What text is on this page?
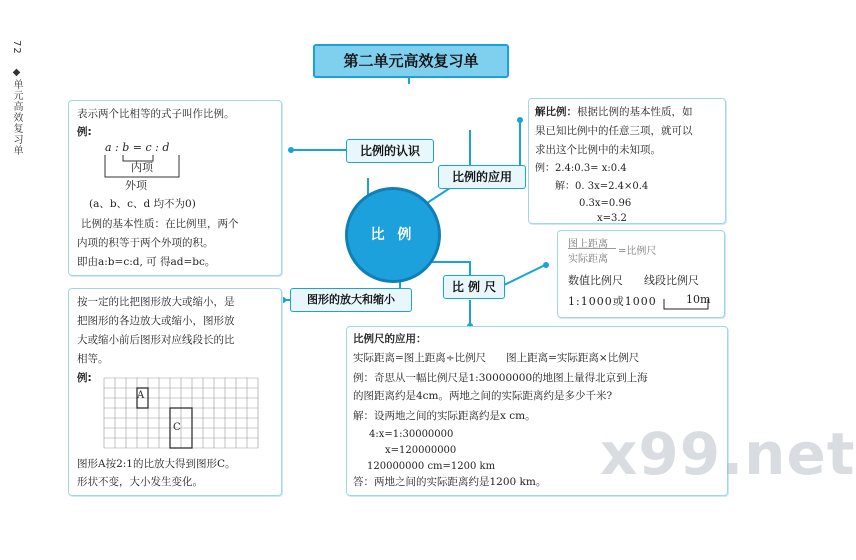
72 ◆单元高效复习单
第二单元高效复习单
比 例
比例的认识
比例的应用
比 例 尺
图形的放大和缩小
表示两个比相等的式子叫作比例。
例:
a : b = c : d
内项
外项
(a、b、c、d 均不为0)
比例的基本性质：在比例里，两个
内项的积等于两个外项的积。
即由a:b=c:d, 可 得ad=bc。
解比例：根据比例的基本性质，如
果已知比例中的任意三项，就可以
求出这个比例中的未知项。
例：2.4:0.3= x:0.4
解：0. 3x=2.4×0.4
0.3x=0.96
x=3.2
图上距离
实际距离
=比例尺
数值比例尺      线段比例尺
1:1000或1000	10m
按一定的比把图形放大或缩小，是
把图形的各边放大或缩小，图形放
大或缩小前后图形对应线段长的比
相等。
例:
图形A按2:1的比放大得到图形C。
形状不变，大小发生变化。
A
C
比例尺的应用：
实际距离=图上距离÷比例尺      图上距离=实际距离×比例尺
例：奇思从一幅比例尺是1:30000000的地图上量得北京到上海
的图距离约是4cm。两地之间的实际距离约是多少千米?
解：设两地之间的实际距离约是x cm。
4:x=1:30000000
x=120000000
120000000 cm=1200 km
答：两地之间的实际距离约是1200 km。 x99.net
